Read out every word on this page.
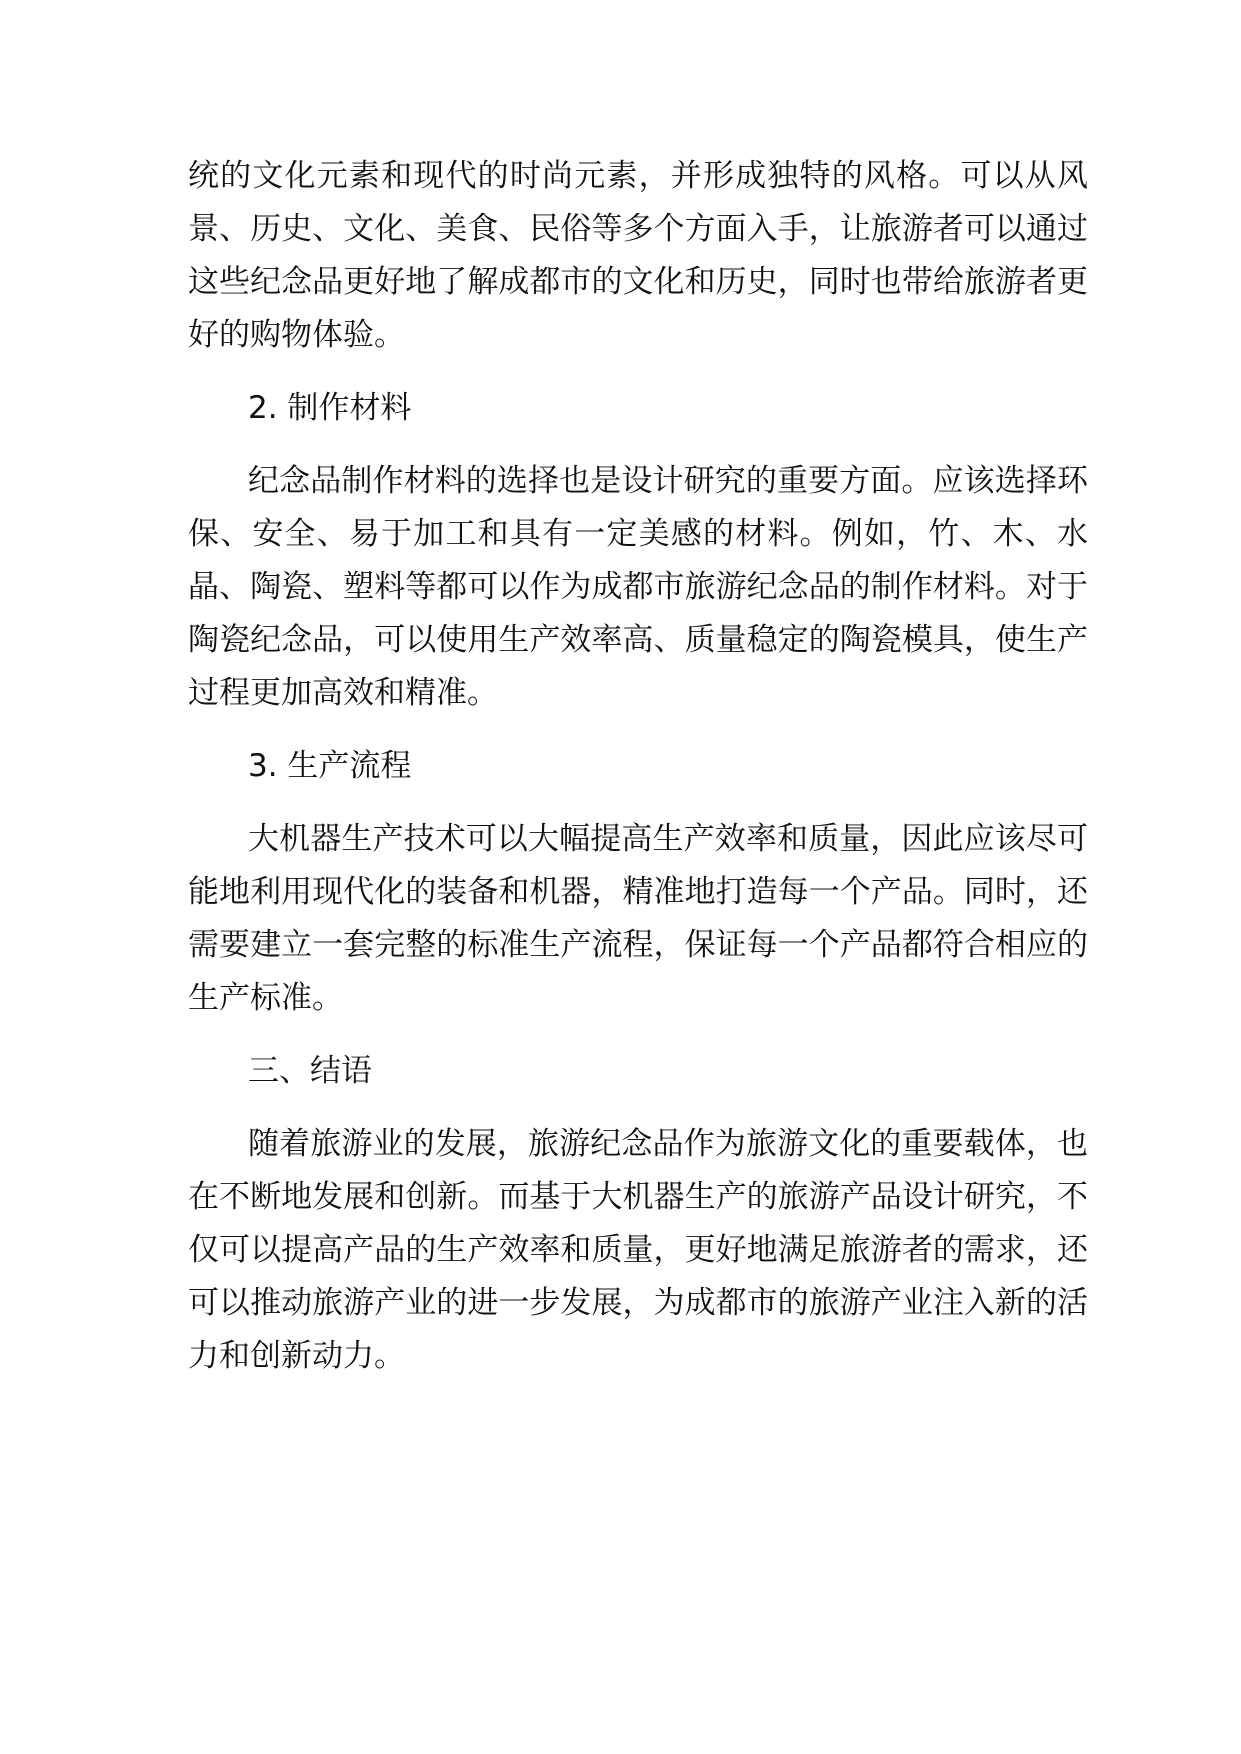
统的文化元素和现代的时尚元素，并形成独特的风格。可以从风景、历史、文化、美食、民俗等多个方面入手，让旅游者可以通过这些纪念品更好地了解成都市的文化和历史，同时也带给旅游者更好的购物体验。

2. 制作材料

纪念品制作材料的选择也是设计研究的重要方面。应该选择环保、安全、易于加工和具有一定美感的材料。例如，竹、木、水晶、陶瓷、塑料等都可以作为成都市旅游纪念品的制作材料。对于陶瓷纪念品，可以使用生产效率高、质量稳定的陶瓷模具，使生产过程更加高效和精准。

3. 生产流程

大机器生产技术可以大幅提高生产效率和质量，因此应该尽可能地利用现代化的装备和机器，精准地打造每一个产品。同时，还需要建立一套完整的标准生产流程，保证每一个产品都符合相应的生产标准。

三、结语

随着旅游业的发展，旅游纪念品作为旅游文化的重要载体，也在不断地发展和创新。而基于大机器生产的旅游产品设计研究，不仅可以提高产品的生产效率和质量，更好地满足旅游者的需求，还可以推动旅游产业的进一步发展，为成都市的旅游产业注入新的活力和创新动力。
